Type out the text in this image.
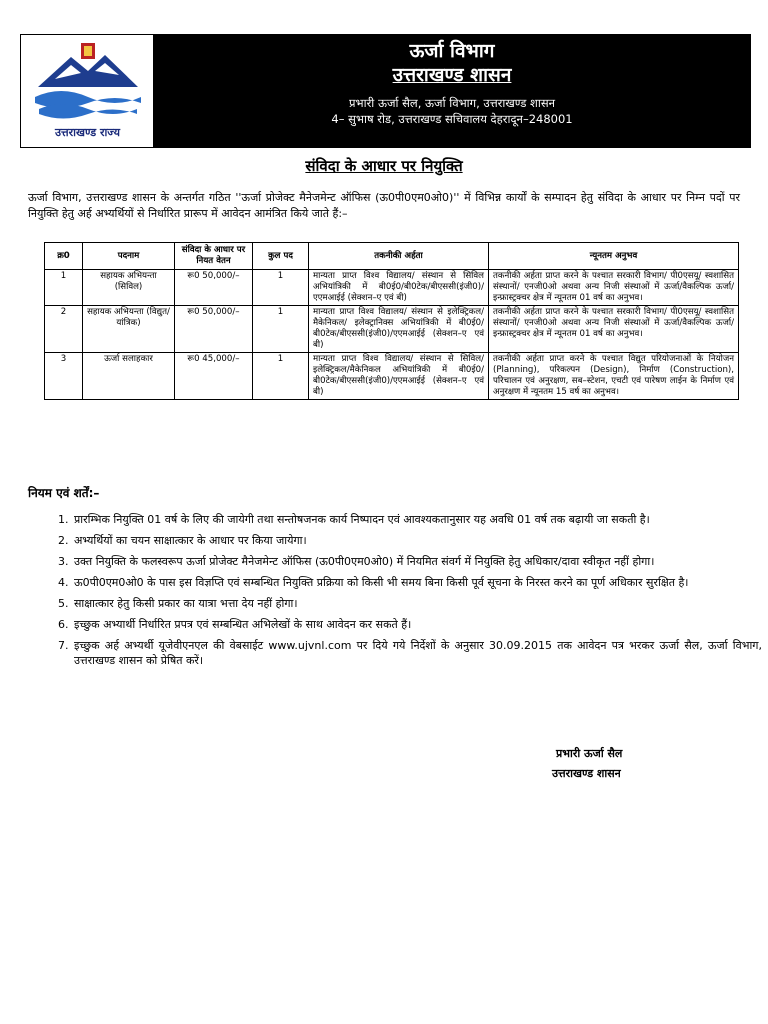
उत्तराखण्ड राज्य
ऊर्जा विभाग
उत्तराखण्ड शासन
प्रभारी ऊर्जा सैल, ऊर्जा विभाग, उत्तराखण्ड शासन
4– सुभाष रोड, उत्तराखण्ड सचिवालय देहरादून–248001
संविदा के आधार पर नियुक्ति
ऊर्जा विभाग, उत्तराखण्ड शासन के अन्तर्गत गठित ''ऊर्जा प्रोजेक्ट मैनेजमेन्ट ऑफिस (ऊ0पी0एम0ओ0)'' में विभिन्न कार्यों के सम्पादन हेतु संविदा के आधार पर निम्न पदों पर नियुक्ति हेतु अर्ह अभ्यर्थियों से निर्धारित प्रारूप में आवेदन आमंत्रित किये जाते हैं:–
क्र0	पदनाम	संविदा के आधार पर नियत वेतन	कुल पद	तकनीकी अर्हता	न्यूनतम अनुभव
1	सहायक अभियन्ता (सिविल)	रू0 50,000/–	1	मान्यता प्राप्त विश्व विद्यालय/ संस्थान से सिविल अभियांत्रिकी में बी0ई0/बी0टेक/बीएससी(इंजी0)/एएमआईई (सेक्शन–ए एवं बी)	तकनीकी अर्हता प्राप्त करने के पश्चात सरकारी विभाग/ पी0एसयू/ स्वशासित संस्थानों/ एनजी0ओ अथवा अन्य निजी संस्थाओं में ऊर्जा/वैकल्पिक ऊर्जा/इन्फ्रास्ट्रक्चर क्षेत्र में न्यूनतम 01 वर्ष का अनुभव।
2	सहायक अभियन्ता (विद्युत/यांत्रिक)	रू0 50,000/–	1	मान्यता प्राप्त विश्व विद्यालय/ संस्थान से इलेक्ट्रिकल/ मैकेनिकल/ इलेक्ट्रानिक्स अभियांत्रिकी में बी0ई0/बी0टेक/बीएससी(इंजी0)/एएमआईई (सेक्शन–ए एवं बी)	तकनीकी अर्हता प्राप्त करने के पश्चात सरकारी विभाग/ पी0एसयू/ स्वशासित संस्थानों/ एनजी0ओ अथवा अन्य निजी संस्थाओं में ऊर्जा/वैकल्पिक ऊर्जा/इन्फ्रास्ट्रक्चर क्षेत्र में न्यूनतम 01 वर्ष का अनुभव।
3	ऊर्जा सलाहकार	रू0 45,000/–	1	मान्यता प्राप्त विश्व विद्यालय/ संस्थान से सिविल/ इलेक्ट्रिकल/मैकेनिकल अभियांत्रिकी में बी0ई0/ बी0टेक/बीएससी(इंजी0)/एएमआईई (सेक्शन–ए एवं बी)	तकनीकी अर्हता प्राप्त करने के पश्चात विद्युत परियोजनाओं के नियोजन (Planning), परिकल्पन (Design), निर्माण (Construction), परिचालन एवं अनुरक्षण, सब–स्टेशन, एचटी एवं पारेषण लाईन के निर्माण एवं अनुरक्षण में न्यूनतम 15 वर्ष का अनुभव।
नियम एवं शर्तें:–
1. प्रारम्भिक नियुक्ति 01 वर्ष के लिए की जायेगी तथा सन्तोषजनक कार्य निष्पादन एवं आवश्यकतानुसार यह अवधि 01 वर्ष तक बढ़ायी जा सकती है।
2. अभ्यर्थियों का चयन साक्षात्कार के आधार पर किया जायेगा।
3. उक्त नियुक्ति के फलस्वरूप ऊर्जा प्रोजेक्ट मैनेजमेन्ट ऑफिस (ऊ0पी0एम0ओ0) में नियमित संवर्ग में नियुक्ति हेतु अधिकार/दावा स्वीकृत नहीं होगा।
4. ऊ0पी0एम0ओ0 के पास इस विज्ञप्ति एवं सम्बन्धित नियुक्ति प्रक्रिया को किसी भी समय बिना किसी पूर्व सूचना के निरस्त करने का पूर्ण अधिकार सुरक्षित है।
5. साक्षात्कार हेतु किसी प्रकार का यात्रा भत्ता देय नहीं होगा।
6. इच्छुक अभ्यार्थी निर्धारित प्रपत्र एवं सम्बन्धित अभिलेखों के साथ आवेदन कर सकते हैं।
7. इच्छुक अर्ह अभ्यर्थी यूजेवीएनएल की वेबसाईट www.ujvnl.com पर दिये गये निर्देशों के अनुसार 30.09.2015 तक आवेदन पत्र भरकर ऊर्जा सैल, ऊर्जा विभाग, उत्तराखण्ड शासन को प्रेषित करें।
प्रभारी ऊर्जा सैल
उत्तराखण्ड शासन
